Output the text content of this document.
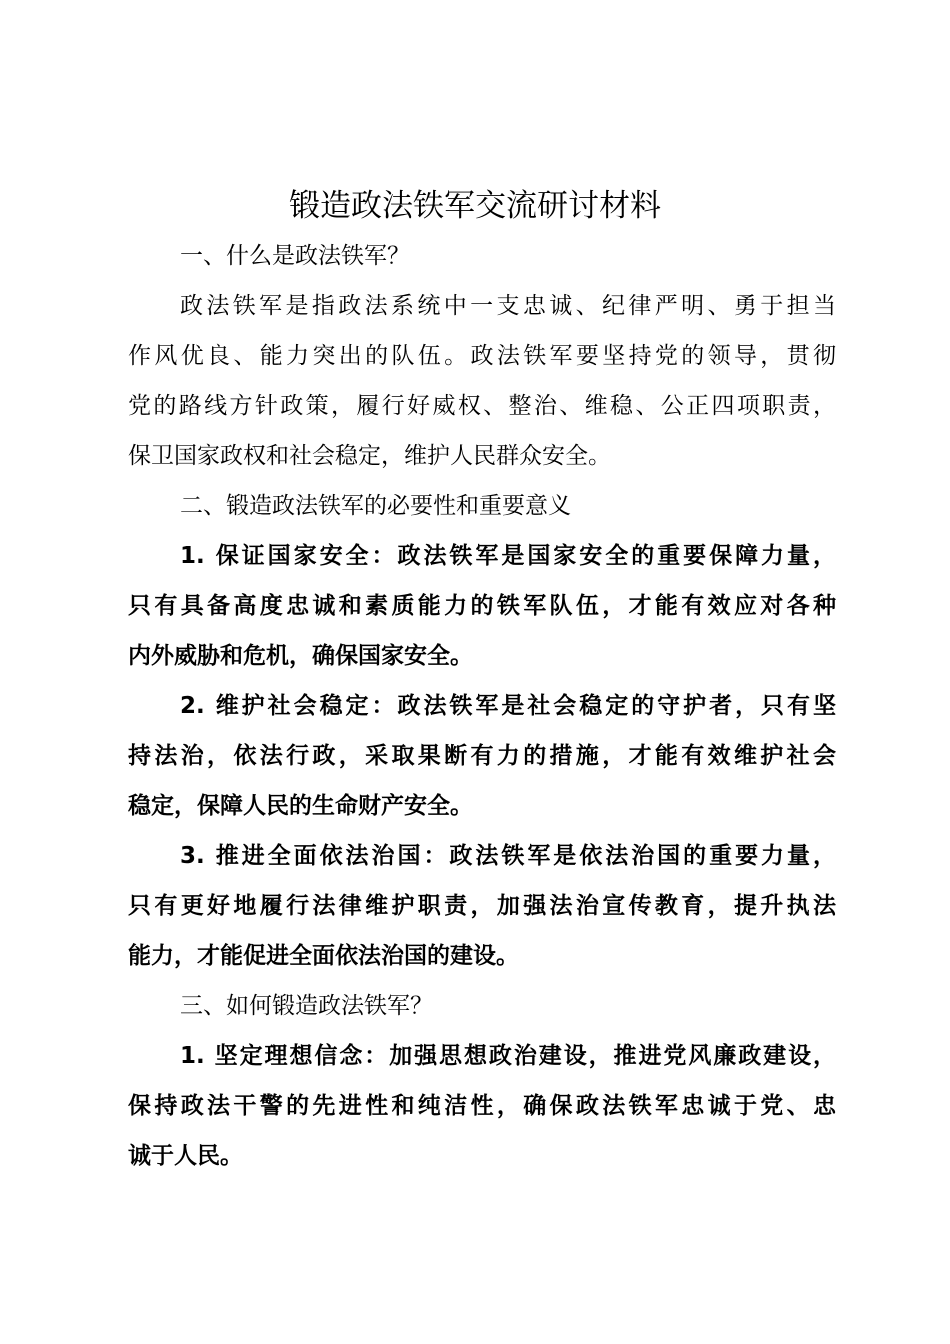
锻造政法铁军交流研讨材料

一、什么是政法铁军？

政法铁军是指政法系统中一支忠诚、纪律严明、勇于担当

作风优良、能力突出的队伍。政法铁军要坚持党的领导，贯彻

党的路线方针政策，履行好威权、整治、维稳、公正四项职责，

保卫国家政权和社会稳定，维护人民群众安全。

二、锻造政法铁军的必要性和重要意义

1. 保证国家安全：政法铁军是国家安全的重要保障力量，

只有具备高度忠诚和素质能力的铁军队伍，才能有效应对各种

内外威胁和危机，确保国家安全。

2. 维护社会稳定：政法铁军是社会稳定的守护者，只有坚

持法治，依法行政，采取果断有力的措施，才能有效维护社会

稳定，保障人民的生命财产安全。

3. 推进全面依法治国：政法铁军是依法治国的重要力量，

只有更好地履行法律维护职责，加强法治宣传教育，提升执法

能力，才能促进全面依法治国的建设。

三、如何锻造政法铁军？

1. 坚定理想信念：加强思想政治建设，推进党风廉政建设，

保持政法干警的先进性和纯洁性，确保政法铁军忠诚于党、忠

诚于人民。
